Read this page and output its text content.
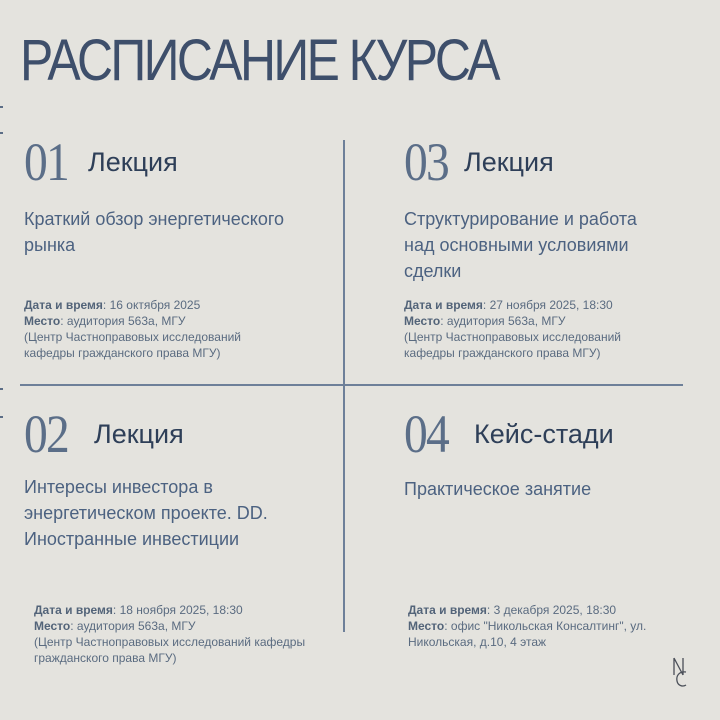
РАСПИСАНИЕ КУРСА
01 Лекция
Краткий обзор энергетического рынка
Дата и время: 16 октября 2025
Место: аудитория 563а, МГУ
(Центр Частноправовых исследований кафедры гражданского права МГУ)
03 Лекция
Структурирование и работа над основными условиями сделки
Дата и время: 27 ноября 2025, 18:30
Место: аудитория 563а, МГУ
(Центр Частноправовых исследований кафедры гражданского права МГУ)
02 Лекция
Интересы инвестора в энергетическом проекте. DD. Иностранные инвестиции
Дата и время: 18 ноября 2025, 18:30
Место: аудитория 563а, МГУ
(Центр Частноправовых исследований кафедры гражданского права МГУ)
04 Кейс-стади
Практическое занятие
Дата и время: 3 декабря 2025, 18:30
Место: офис "Никольская Консалтинг", ул. Никольская, д.10, 4 этаж
